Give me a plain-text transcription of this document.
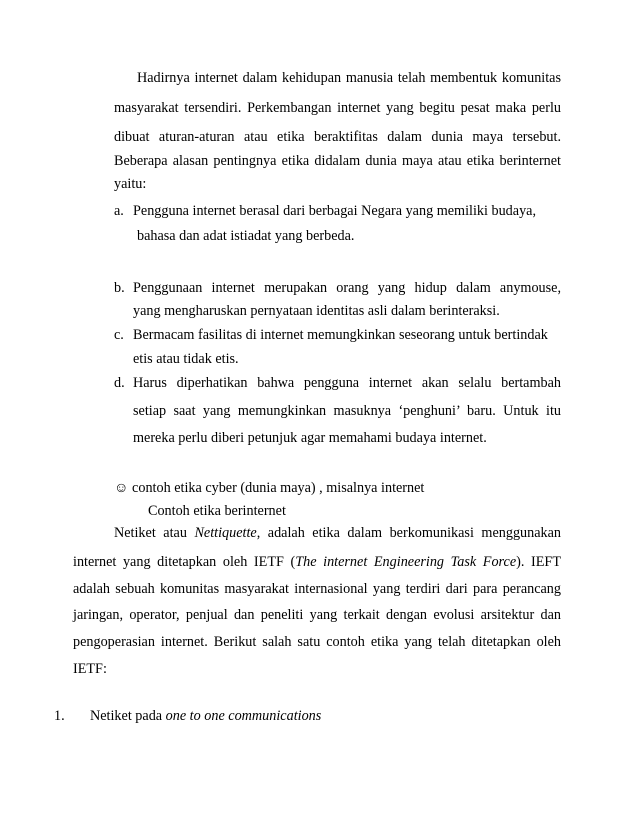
Hadirnya internet dalam kehidupan manusia telah membentuk komunitas
masyarakat tersendiri. Perkembangan internet yang begitu pesat maka perlu
dibuat aturan-aturan atau etika beraktifitas dalam dunia maya tersebut.
Beberapa alasan pentingnya etika didalam dunia maya atau etika berinternet
yaitu:
a. Pengguna internet berasal dari berbagai Negara yang memiliki budaya,
bahasa dan adat istiadat yang berbeda.
b. Penggunaan internet merupakan orang yang hidup dalam anymouse,
yang mengharuskan pernyataan identitas asli dalam berinteraksi.
c. Bermacam fasilitas di internet memungkinkan seseorang untuk bertindak
etis atau tidak etis.
d. Harus diperhatikan bahwa pengguna internet akan selalu bertambah
setiap saat yang memungkinkan masuknya ‘penghuni’ baru. Untuk itu
mereka perlu diberi petunjuk agar memahami budaya internet.
☺ contoh etika cyber (dunia maya) , misalnya internet
Contoh etika berinternet
Netiket atau Nettiquette, adalah etika dalam berkomunikasi menggunakan
internet yang ditetapkan oleh IETF (The internet Engineering Task Force). IEFT
adalah sebuah komunitas masyarakat internasional yang terdiri dari para perancang
jaringan, operator, penjual dan peneliti yang terkait dengan evolusi arsitektur dan
pengoperasian internet. Berikut salah satu contoh etika yang telah ditetapkan oleh
IETF:
1. Netiket pada one to one communications
